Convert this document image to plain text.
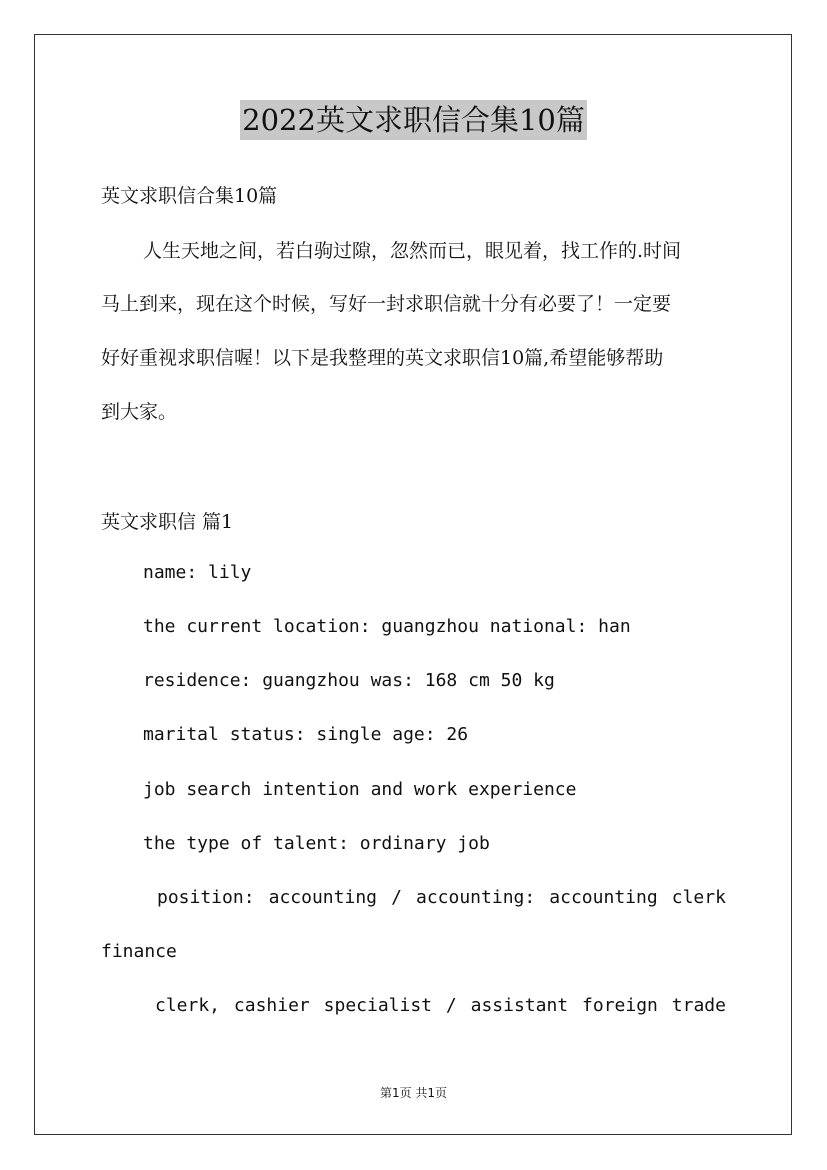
2022英文求职信合集10篇
英文求职信合集10篇
人生天地之间，若白驹过隙，忽然而已，眼见着，找工作的.时间
马上到来，现在这个时候，写好一封求职信就十分有必要了！一定要
好好重视求职信喔！以下是我整理的英文求职信10篇,希望能够帮助
到大家。
英文求职信 篇1
name: lily
the current location: guangzhou national: han
residence: guangzhou was: 168 cm 50 kg
marital status: single age: 26
job search intention and work experience
the type of talent: ordinary job
position: accounting / accounting: accounting clerk
finance
clerk, cashier specialist / assistant foreign trade
第1页 共1页
